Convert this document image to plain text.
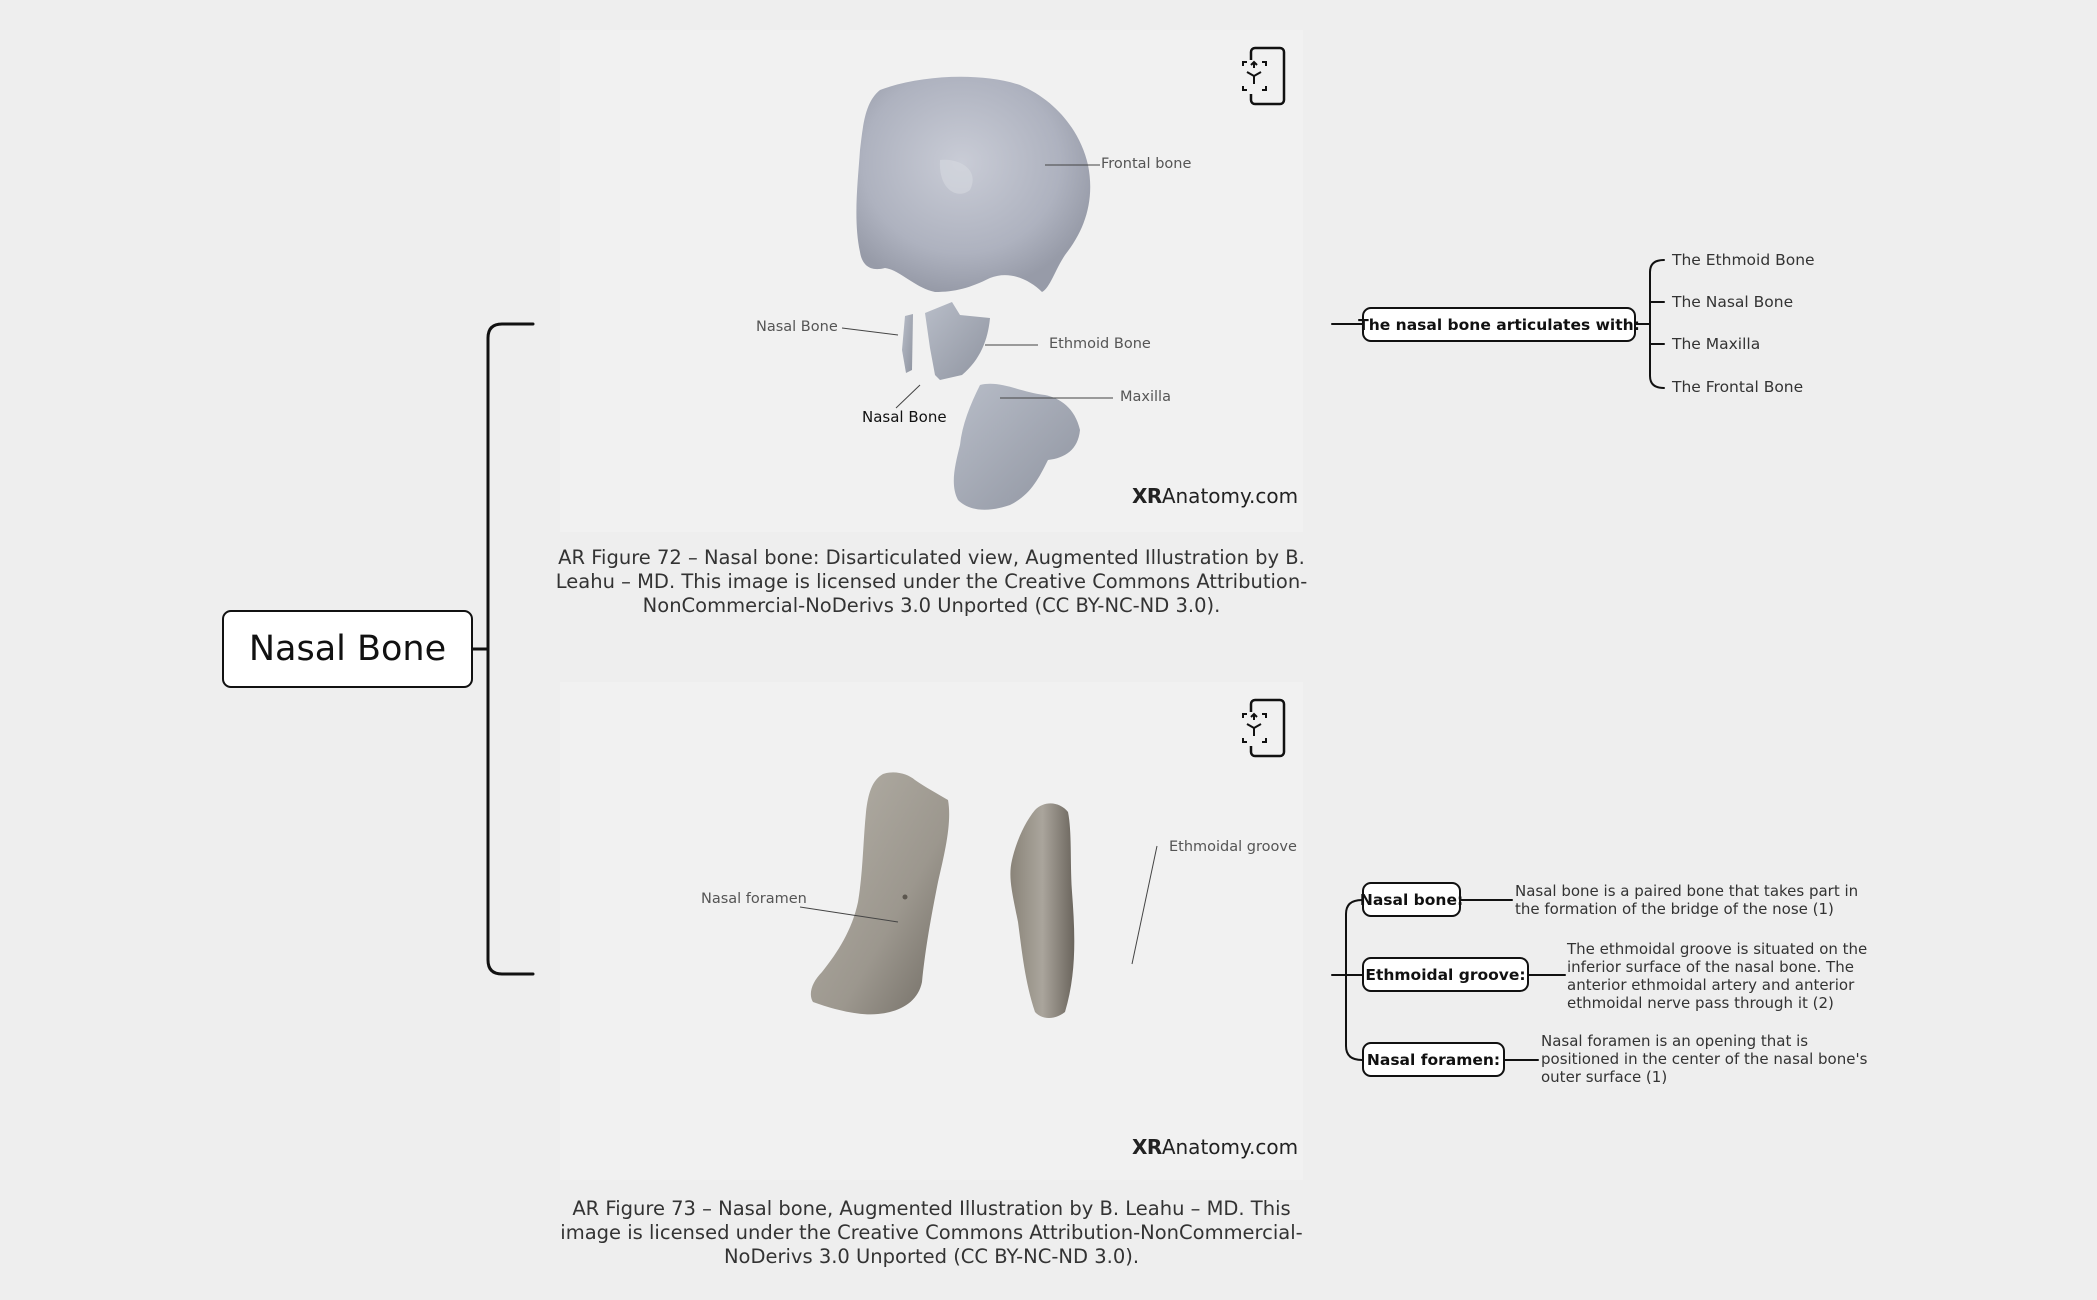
Nasal Bone
Frontal bone
Nasal Bone
Ethmoid Bone
Maxilla
Nasal Bone
XRAnatomy.com
AR Figure 72 – Nasal bone: Disarticulated view, Augmented Illustration by B. Leahu – MD. This image is licensed under the Creative Commons Attribution-NonCommercial-NoDerivs 3.0 Unported (CC BY-NC-ND 3.0).
Nasal foramen
Ethmoidal groove
XRAnatomy.com
AR Figure 73 – Nasal bone, Augmented Illustration by B. Leahu – MD. This image is licensed under the Creative Commons Attribution-NonCommercial-NoDerivs 3.0 Unported (CC BY-NC-ND 3.0).
The nasal bone articulates with:
The Ethmoid Bone
The Nasal Bone
The Maxilla
The Frontal Bone
Nasal bone:	Nasal bone is a paired bone that takes part in the formation of the bridge of the nose (1)
Ethmoidal groove:
The ethmoidal groove is situated on the inferior surface of the nasal bone. The anterior ethmoidal artery and anterior ethmoidal nerve pass through it (2)
Nasal foramen:
Nasal foramen is an opening that is positioned in the center of the nasal bone's outer surface (1)
